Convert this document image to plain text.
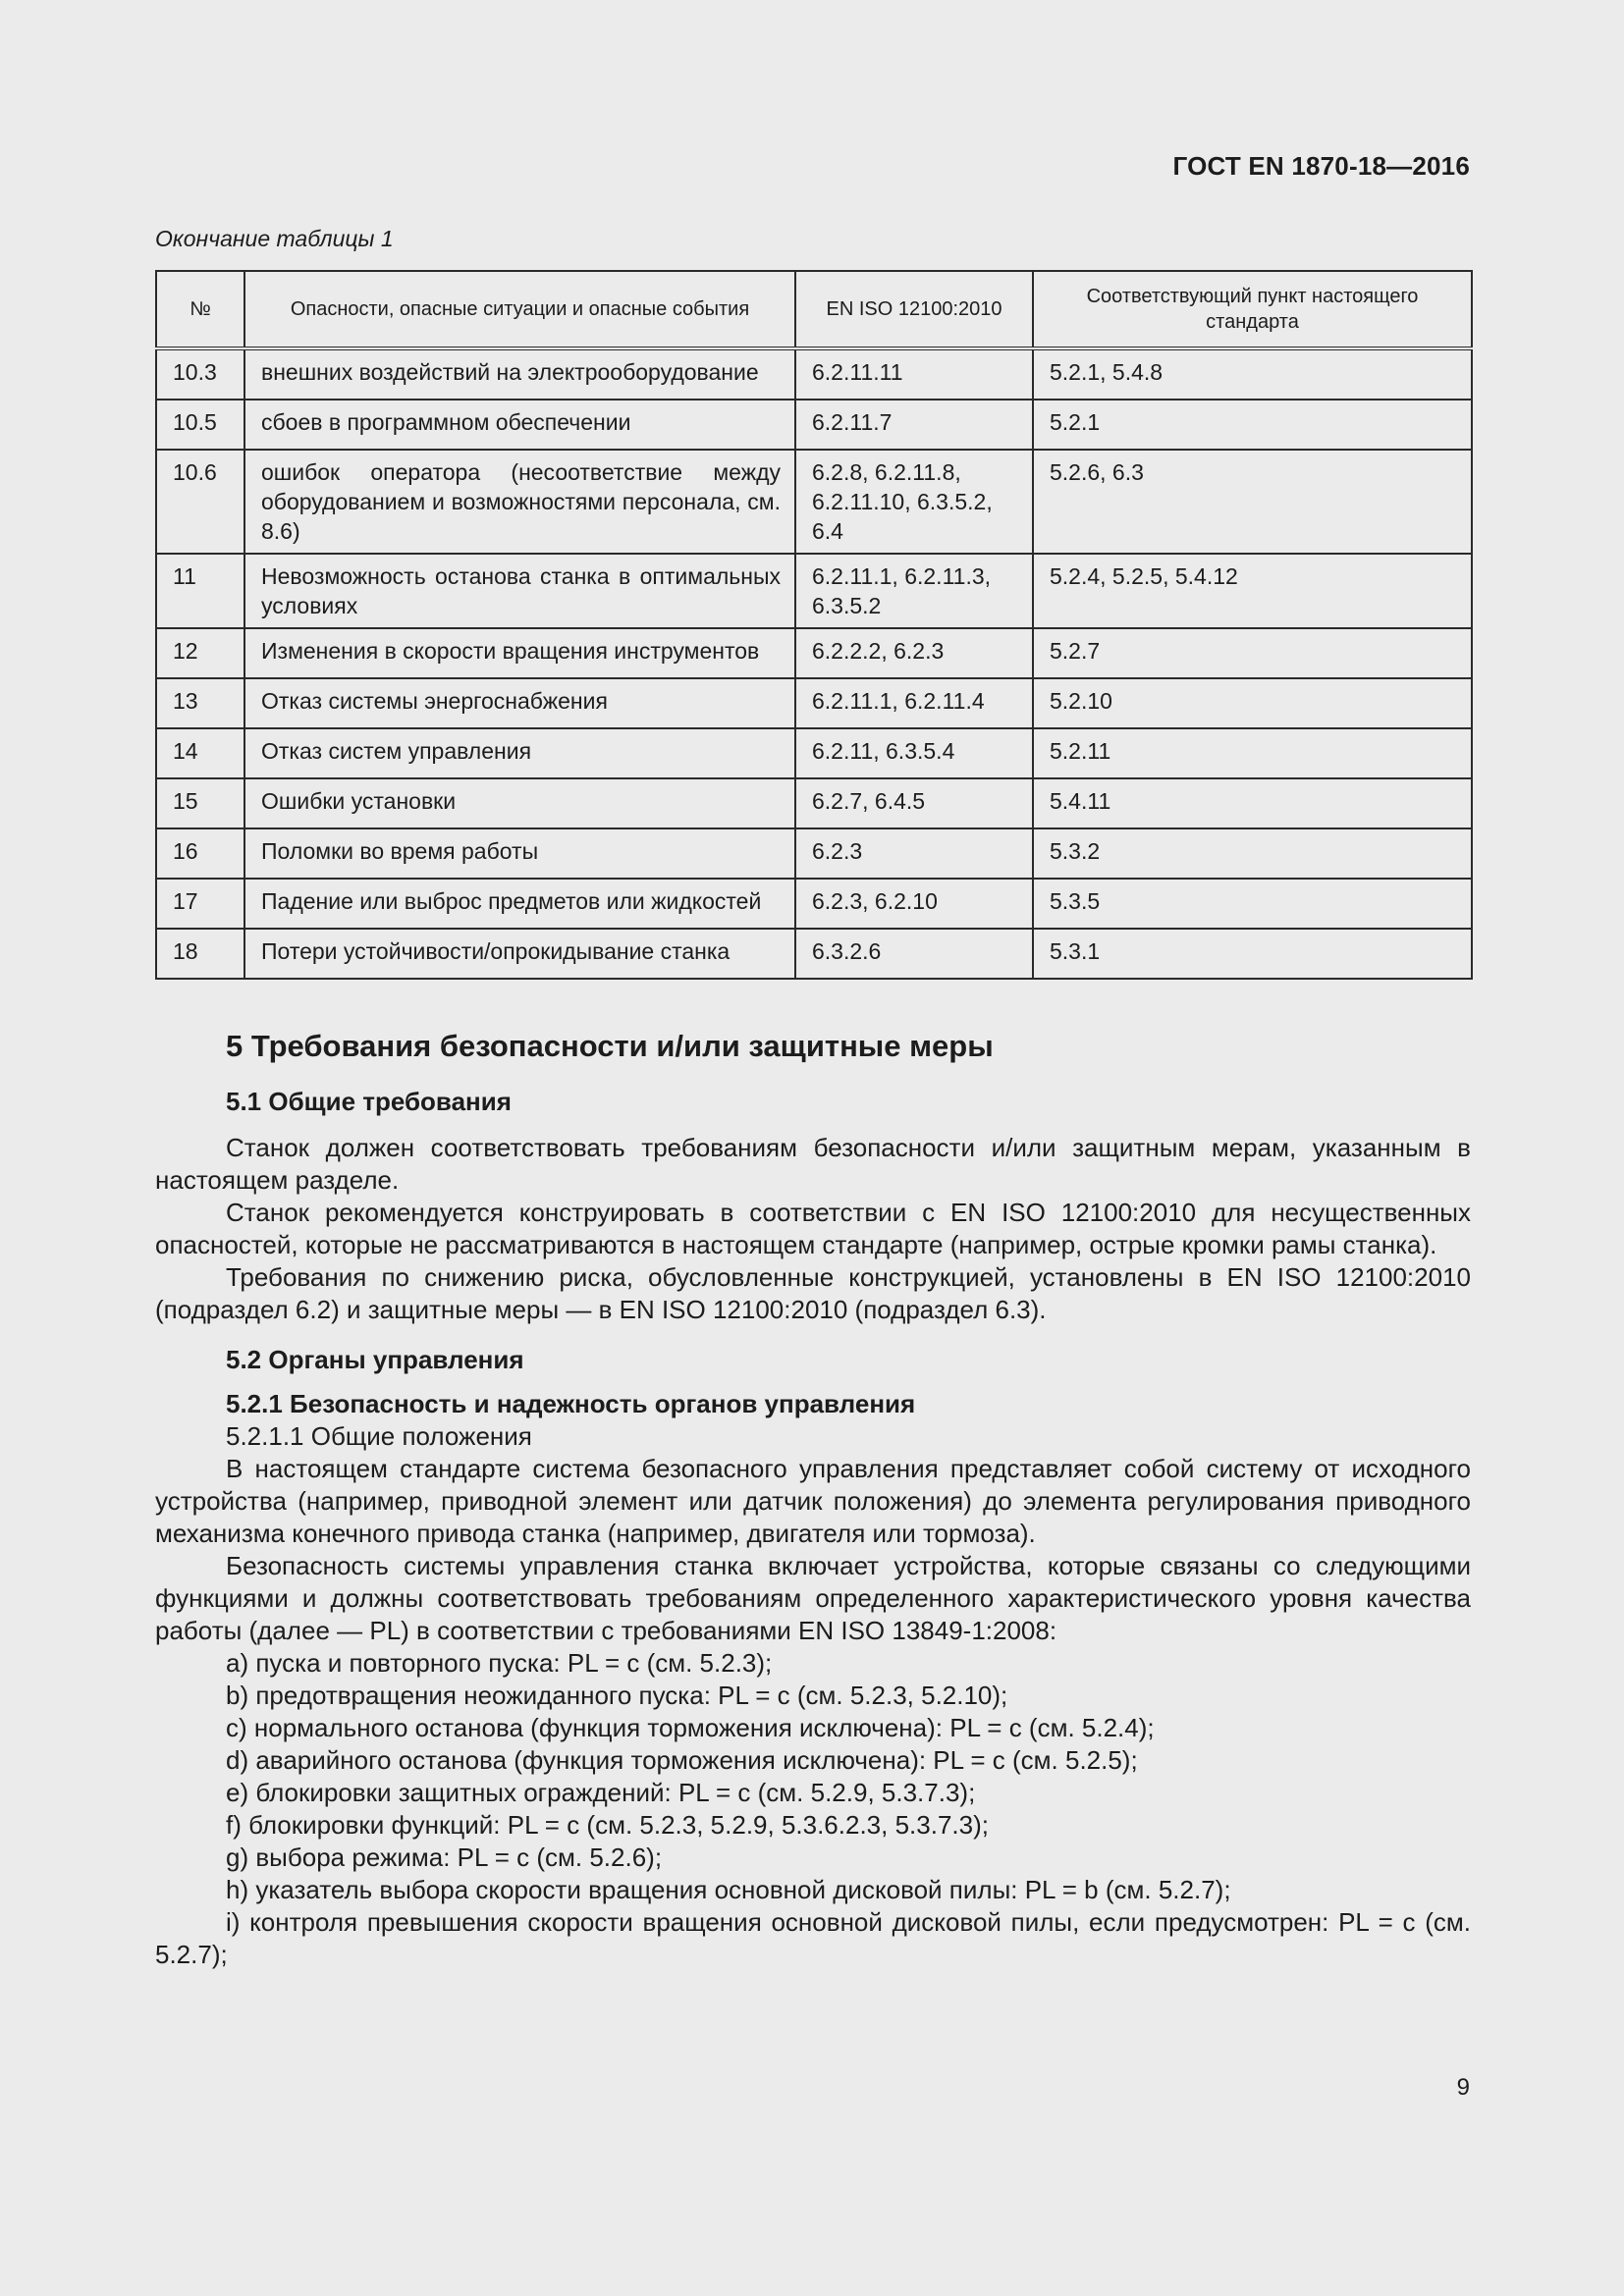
ГОСТ EN 1870-18—2016
Окончание таблицы 1
№	Опасности, опасные ситуации и опасные события	EN ISO 12100:2010	Соответствующий пункт настоящего стандарта
10.3	внешних воздействий на электрооборудование	6.2.11.11	5.2.1, 5.4.8
10.5	сбоев в программном обеспечении	6.2.11.7	5.2.1
10.6	ошибок оператора (несоответствие между оборудованием и возможностями персонала, см. 8.6)	6.2.8, 6.2.11.8, 6.2.11.10, 6.3.5.2, 6.4	5.2.6, 6.3
11	Невозможность останова станка в оптимальных условиях	6.2.11.1, 6.2.11.3, 6.3.5.2	5.2.4, 5.2.5, 5.4.12
12	Изменения в скорости вращения инструментов	6.2.2.2, 6.2.3	5.2.7
13	Отказ системы энергоснабжения	6.2.11.1, 6.2.11.4	5.2.10
14	Отказ систем управления	6.2.11, 6.3.5.4	5.2.11
15	Ошибки установки	6.2.7, 6.4.5	5.4.11
16	Поломки во время работы	6.2.3	5.3.2
17	Падение или выброс предметов или жидкостей	6.2.3, 6.2.10	5.3.5
18	Потери устойчивости/опрокидывание станка	6.3.2.6	5.3.1
5 Требования безопасности и/или защитные меры
5.1 Общие требования

Станок должен соответствовать требованиям безопасности и/или защитным мерам, указанным в настоящем разделе.

Станок рекомендуется конструировать в соответствии с EN ISO 12100:2010 для несущественных опасностей, которые не рассматриваются в настоящем стандарте (например, острые кромки рамы станка).

Требования по снижению риска, обусловленные конструкцией, установлены в EN ISO 12100:2010 (подраздел 6.2) и защитные меры — в EN ISO 12100:2010 (подраздел 6.3).

5.2 Органы управления
5.2.1 Безопасность и надежность органов управления

5.2.1.1 Общие положения

В настоящем стандарте система безопасного управления представляет собой систему от исходного устройства (например, приводной элемент или датчик положения) до элемента регулирования приводного механизма конечного привода станка (например, двигателя или тормоза).

Безопасность системы управления станка включает устройства, которые связаны со следующими функциями и должны соответствовать требованиям определенного характеристического уровня качества работы (далее — PL) в соответствии с требованиями EN ISO 13849-1:2008:

а) пуска и повторного пуска: PL = с (см. 5.2.3);

b) предотвращения неожиданного пуска: PL = с (см. 5.2.3, 5.2.10);

с) нормального останова (функция торможения исключена): PL = с (см. 5.2.4);

d) аварийного останова (функция торможения исключена): PL = с (см. 5.2.5);

е) блокировки защитных ограждений: PL = с (см. 5.2.9, 5.3.7.3);

f) блокировки функций: PL = с (см. 5.2.3, 5.2.9, 5.3.6.2.3, 5.3.7.3);

g) выбора режима: PL = с (см. 5.2.6);

h) указатель выбора скорости вращения основной дисковой пилы: PL = b (см. 5.2.7);

i) контроля превышения скорости вращения основной дисковой пилы, если предусмотрен: PL = с (см. 5.2.7);

9
